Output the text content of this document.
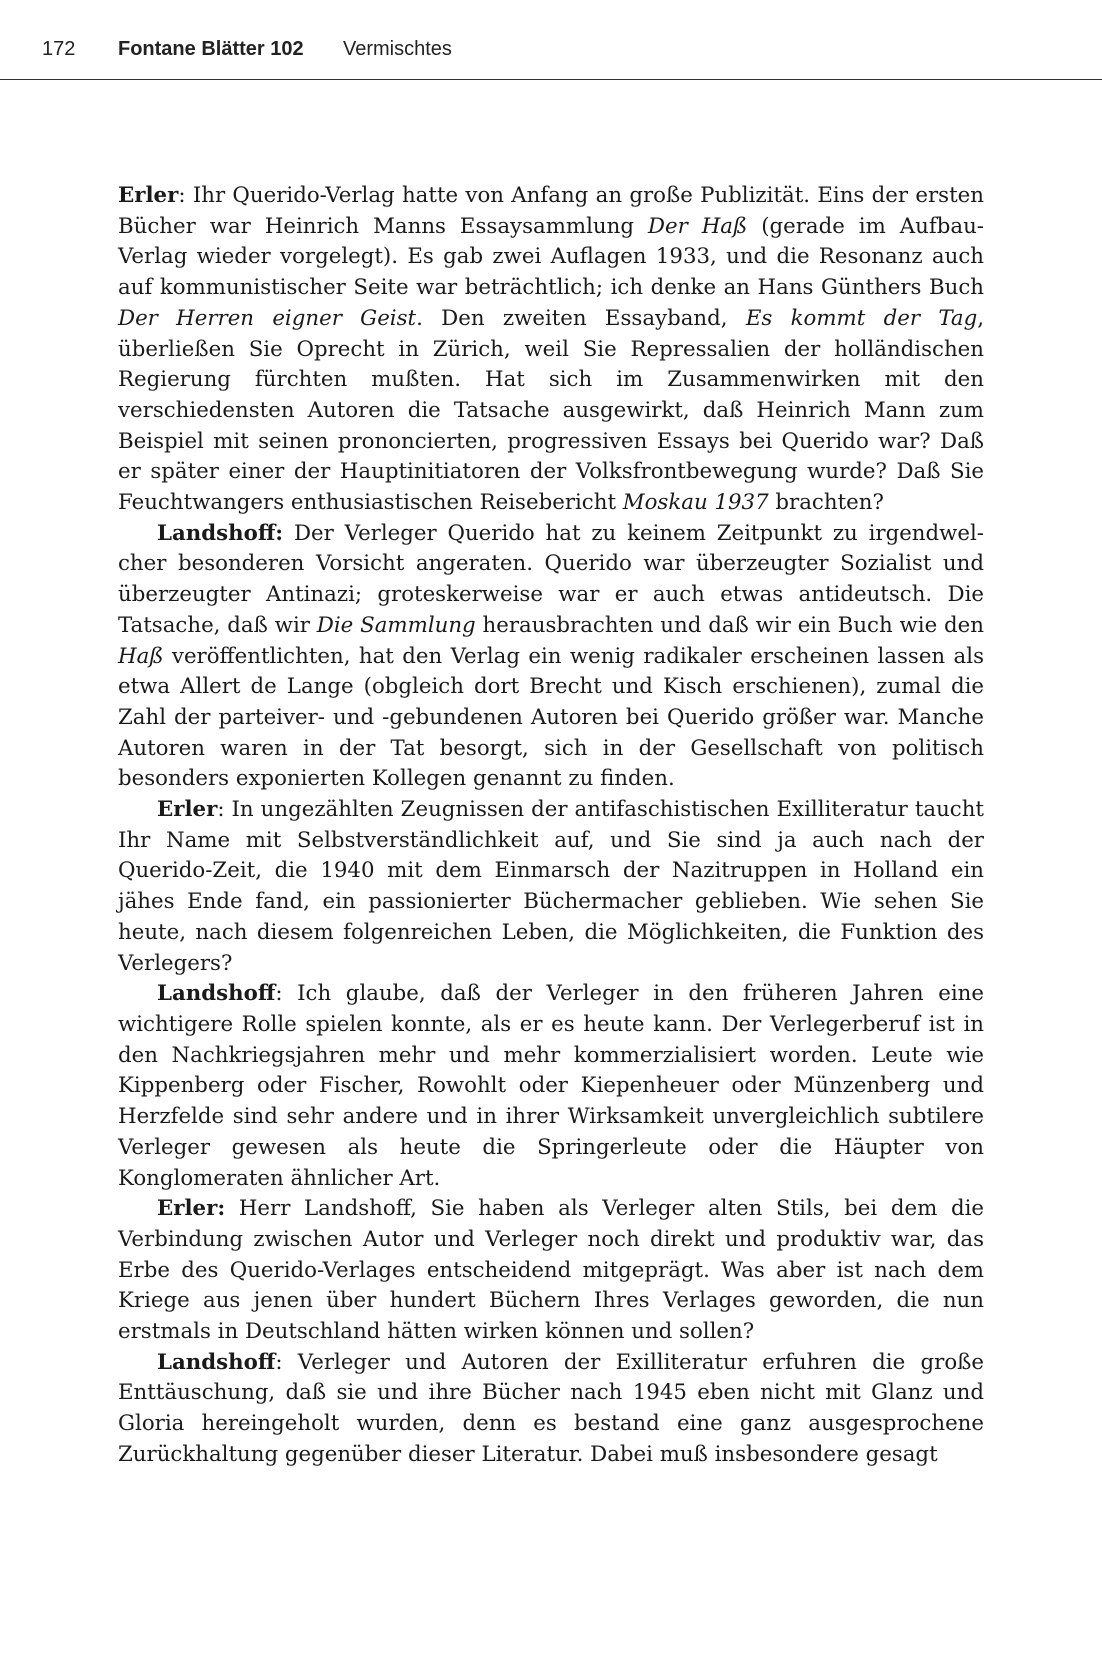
172 Fontane Blätter 102 Vermischtes

Erler: Ihr Querido-Verlag hatte von Anfang an große Publizität. Eins der ersten Bücher war Heinrich Manns Essaysammlung Der Haß (gerade im Aufbau-Verlag wieder vorgelegt). Es gab zwei Auflagen 1933, und die Resonanz auch auf kommunistischer Seite war beträchtlich; ich denke an Hans Günthers Buch Der Herren eigner Geist. Den zweiten Essayband, Es kommt der Tag, überließen Sie Oprecht in Zürich, weil Sie Repressalien der holländischen Regierung fürchten mußten. Hat sich im Zusammenwirken mit den verschiedensten Autoren die Tatsache ausgewirkt, daß Heinrich Mann zum Beispiel mit seinen prononcierten, progressiven Essays bei Querido war? Daß er später einer der Hauptinitiatoren der Volksfrontbewegung wurde? Daß Sie Feuchtwangers enthusiastischen Reisebericht Moskau 1937 brachten?

Landshoff: Der Verleger Querido hat zu keinem Zeitpunkt zu irgendwelcher besonderen Vorsicht angeraten. Querido war überzeugter Sozialist und überzeugter Antinazi; groteskerweise war er auch etwas antideutsch. Die Tatsache, daß wir Die Sammlung herausbrachten und daß wir ein Buch wie den Haß veröffentlichten, hat den Verlag ein wenig radikaler erscheinen lassen als etwa Allert de Lange (obgleich dort Brecht und Kisch erschienen), zumal die Zahl der parteiver- und -gebundenen Autoren bei Querido größer war. Manche Autoren waren in der Tat besorgt, sich in der Gesellschaft von politisch besonders exponierten Kollegen genannt zu finden.

Erler: In ungezählten Zeugnissen der antifaschistischen Exilliteratur taucht Ihr Name mit Selbstverständlichkeit auf, und Sie sind ja auch nach der Querido-Zeit, die 1940 mit dem Einmarsch der Nazitruppen in Holland ein jähes Ende fand, ein passionierter Büchermacher geblieben. Wie sehen Sie heute, nach diesem folgenreichen Leben, die Möglichkeiten, die Funktion des Verlegers?

Landshoff: Ich glaube, daß der Verleger in den früheren Jahren eine wichtigere Rolle spielen konnte, als er es heute kann. Der Verlegerberuf ist in den Nachkriegsjahren mehr und mehr kommerzialisiert worden. Leute wie Kippenberg oder Fischer, Rowohlt oder Kiepenheuer oder Münzenberg und Herzfelde sind sehr andere und in ihrer Wirksamkeit unvergleichlich subtilere Verleger gewesen als heute die Springerleute oder die Häupter von Konglomeraten ähnlicher Art.

Erler: Herr Landshoff, Sie haben als Verleger alten Stils, bei dem die Verbindung zwischen Autor und Verleger noch direkt und produktiv war, das Erbe des Querido-Verlages entscheidend mitgeprägt. Was aber ist nach dem Kriege aus jenen über hundert Büchern Ihres Verlages geworden, die nun erstmals in Deutschland hätten wirken können und sollen?

Landshoff: Verleger und Autoren der Exilliteratur erfuhren die große Enttäuschung, daß sie und ihre Bücher nach 1945 eben nicht mit Glanz und Gloria hereingeholt wurden, denn es bestand eine ganz ausgesprochene Zurückhaltung gegenüber dieser Literatur. Dabei muß insbesondere gesagt
